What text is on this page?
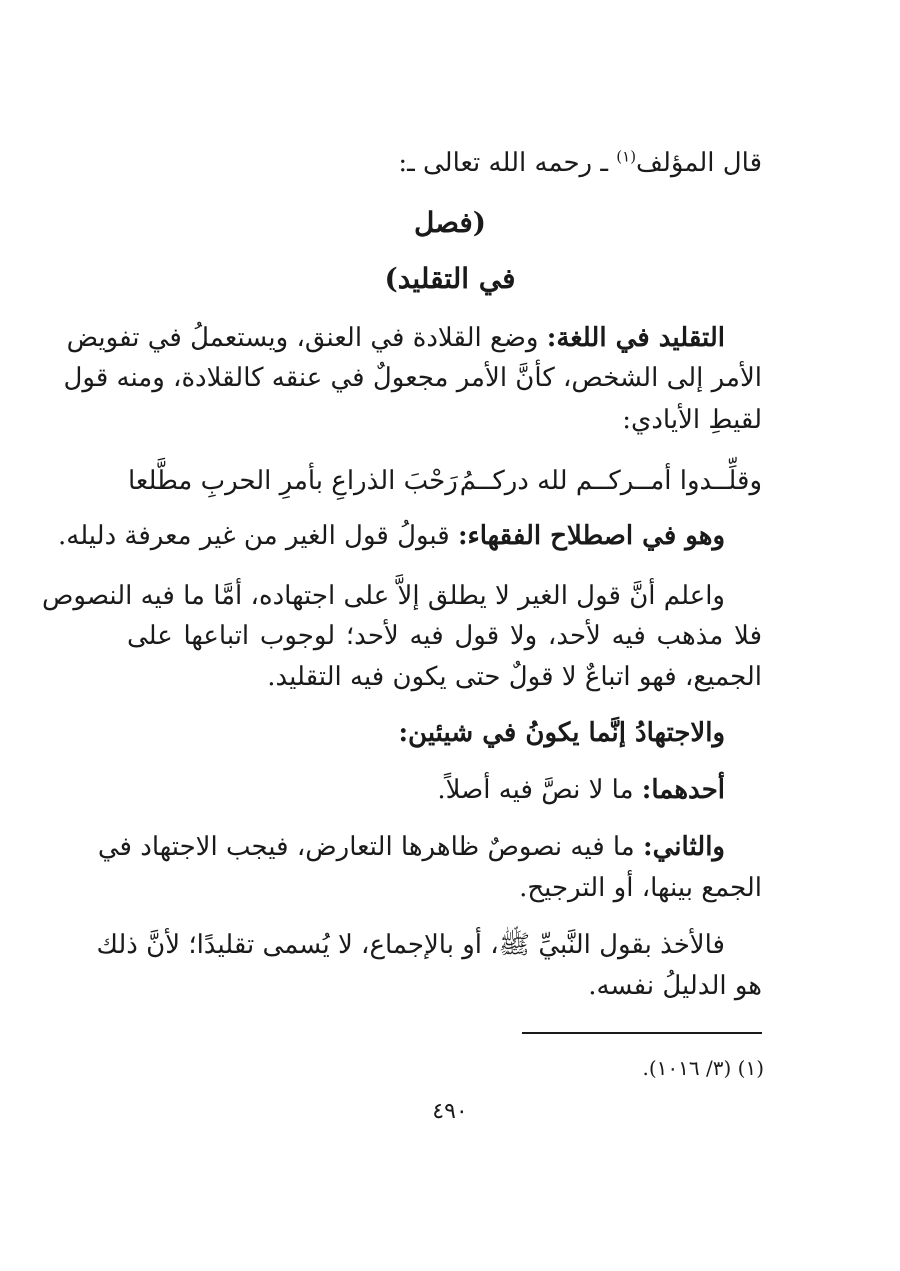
قال المؤلف$^{(١)}$ ـ رحمه الله تعالى ـ:
(فصل
في التقليد)
التقليد في اللغة: وضع القلادة في العنق، ويستعملُ في تفويض
الأمر إلى الشخص، كأنَّ الأمر مجعولٌ في عنقه كالقلادة، ومنه قول
لقيطِ الأيادي:
وقلِّــدوا أمــركــم لله دركــمُ
رَحْبَ الذراعِ بأمرِ الحربِ مطَّلعا
وهو في اصطلاح الفقهاء: قبولُ قول الغير من غير معرفة دليله.
واعلم أنَّ قول الغير لا يطلق إلاَّ على اجتهاده، أمَّا ما فيه النصوص
فلا مذهب فيه لأحد، ولا قول فيه لأحد؛ لوجوب اتباعها على
الجميع، فهو اتباعٌ لا قولٌ حتى يكون فيه التقليد.
والاجتهادُ إنَّما يكونُ في شيئين:
أحدهما: ما لا نصَّ فيه أصلاً.
والثاني: ما فيه نصوصٌ ظاهرها التعارض، فيجب الاجتهاد في
الجمع بينها، أو الترجيح.
فالأخذ بقول النَّبيِّ ﷺ، أو بالإجماع، لا يُسمى تقليدًا؛ لأنَّ ذلك
هو الدليلُ نفسه.
(١) (٣/ ١٠١٦).
٤٩٠
